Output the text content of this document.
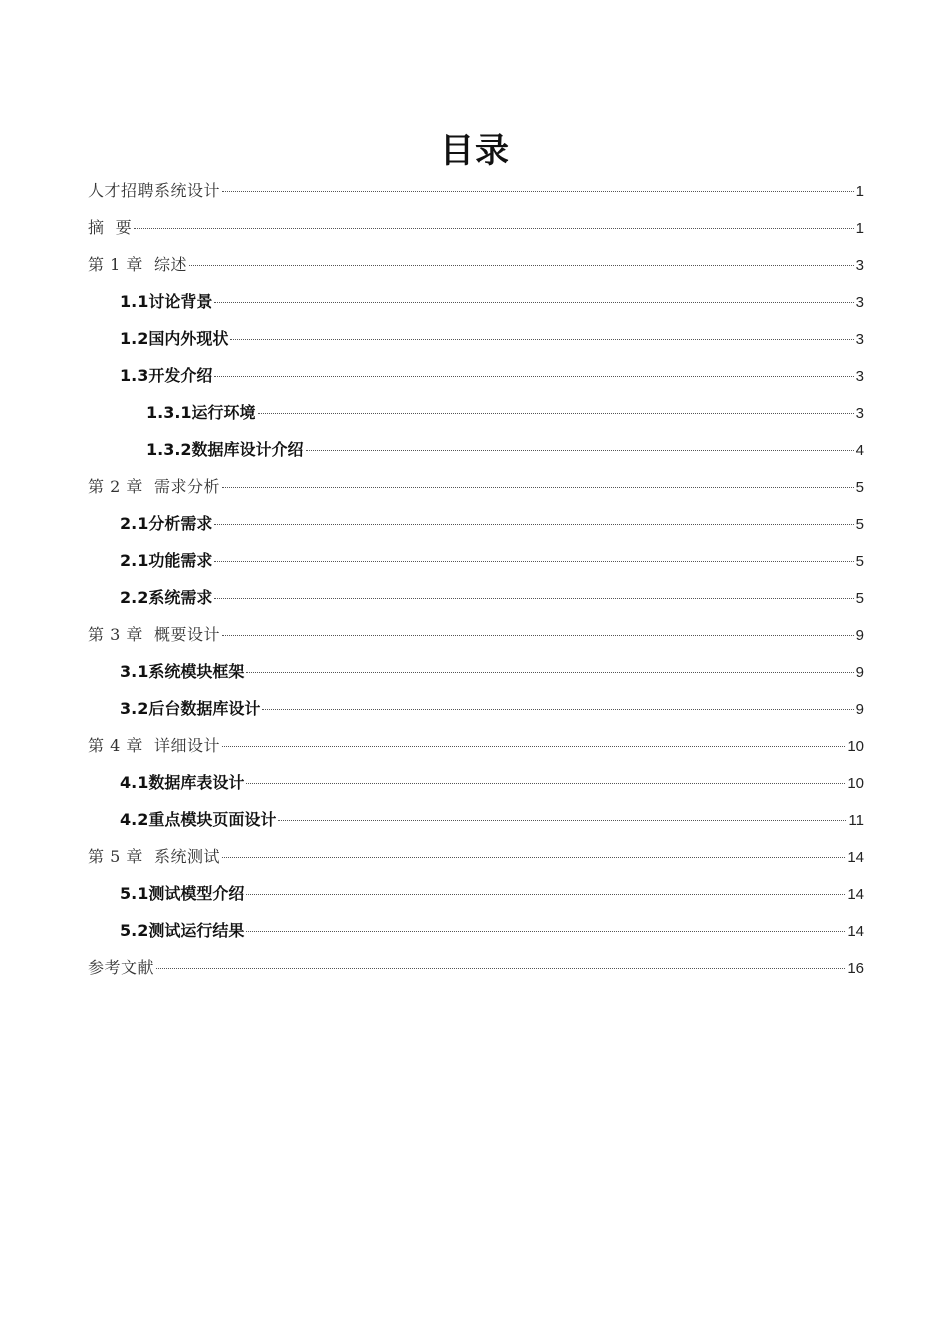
目录
人才招聘系统设计	1
摘  要	1
第 1 章  综述	3
1.1讨论背景	3
1.2国内外现状	3
1.3开发介绍	3
1.3.1运行环境	3
1.3.2数据库设计介绍	4
第 2 章  需求分析	5
2.1分析需求	5
2.1功能需求	5
2.2系统需求	5
第 3 章  概要设计	9
3.1系统模块框架	9
3.2后台数据库设计	9
第 4 章  详细设计	10
4.1数据库表设计	10
4.2重点模块页面设计	11
第 5 章  系统测试	14
5.1测试模型介绍	14
5.2测试运行结果	14
参考文献	16
